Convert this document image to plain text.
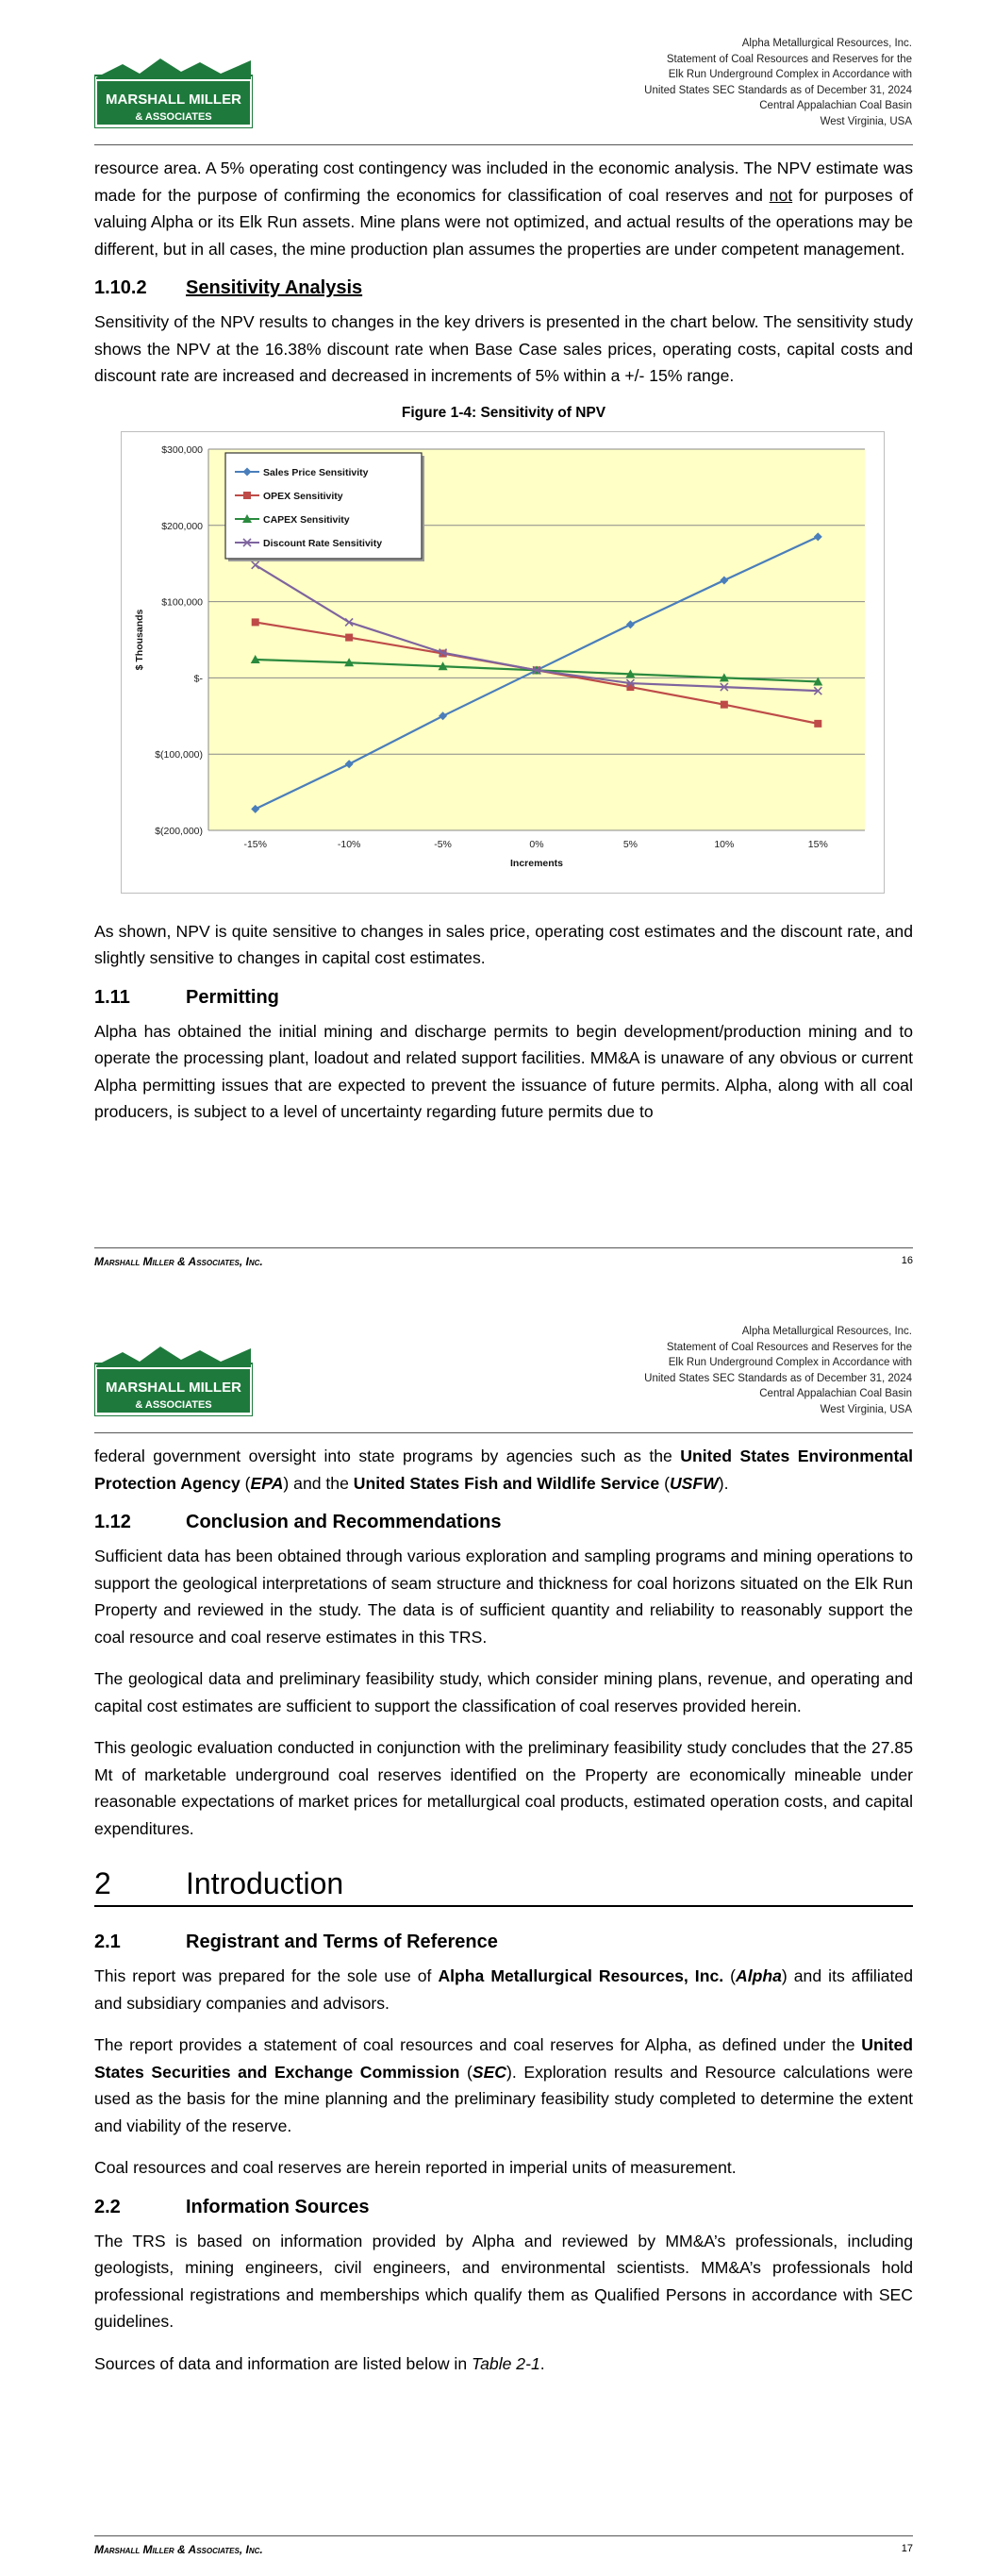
MARSHALL MILLER
& ASSOCIATES
Alpha Metallurgical Resources, Inc.
Statement of Coal Resources and Reserves for the
Elk Run Underground Complex in Accordance with
United States SEC Standards as of December 31, 2024
Central Appalachian Coal Basin
West Virginia, USA

resource area. A 5% operating cost contingency was included in the economic analysis. The NPV estimate was made for the purpose of confirming the economics for classification of coal reserves and not for purposes of valuing Alpha or its Elk Run assets. Mine plans were not optimized, and actual results of the operations may be different, but in all cases, the mine production plan assumes the properties are under competent management.

1.10.2	Sensitivity Analysis

Sensitivity of the NPV results to changes in the key drivers is presented in the chart below. The sensitivity study shows the NPV at the 16.38% discount rate when Base Case sales prices, operating costs, capital costs and discount rate are increased and decreased in increments of 5% within a +/- 15% range.

Figure 1-4: Sensitivity of NPV
$300,000
$200,000
$100,000
$-
$(100,000)
$(200,000)
-15%	-10%	-5%	0%	5%	10%	15%
Increments
$ Thousands
Sales Price Sensitivity
OPEX Sensitivity
CAPEX Sensitivity
Discount Rate Sensitivity

As shown, NPV is quite sensitive to changes in sales price, operating cost estimates and the discount rate, and slightly sensitive to changes in capital cost estimates.

1.11	Permitting

Alpha has obtained the initial mining and discharge permits to begin development/production mining and to operate the processing plant, loadout and related support facilities. MM&A is unaware of any obvious or current Alpha permitting issues that are expected to prevent the issuance of future permits. Alpha, along with all coal producers, is subject to a level of uncertainty regarding future permits due to

Marshall Miller & Associates, Inc.	16
MARSHALL MILLER
& ASSOCIATES
Alpha Metallurgical Resources, Inc.
Statement of Coal Resources and Reserves for the
Elk Run Underground Complex in Accordance with
United States SEC Standards as of December 31, 2024
Central Appalachian Coal Basin
West Virginia, USA

federal government oversight into state programs by agencies such as the United States Environmental Protection Agency (EPA) and the United States Fish and Wildlife Service (USFW).

1.12	Conclusion and Recommendations

Sufficient data has been obtained through various exploration and sampling programs and mining operations to support the geological interpretations of seam structure and thickness for coal horizons situated on the Elk Run Property and reviewed in the study. The data is of sufficient quantity and reliability to reasonably support the coal resource and coal reserve estimates in this TRS.

The geological data and preliminary feasibility study, which consider mining plans, revenue, and operating and capital cost estimates are sufficient to support the classification of coal reserves provided herein.

This geologic evaluation conducted in conjunction with the preliminary feasibility study concludes that the 27.85 Mt of marketable underground coal reserves identified on the Property are economically mineable under reasonable expectations of market prices for metallurgical coal products, estimated operation costs, and capital expenditures.

2	Introduction
2.1	Registrant and Terms of Reference

This report was prepared for the sole use of Alpha Metallurgical Resources, Inc. (Alpha) and its affiliated and subsidiary companies and advisors.

The report provides a statement of coal resources and coal reserves for Alpha, as defined under the United States Securities and Exchange Commission (SEC). Exploration results and Resource calculations were used as the basis for the mine planning and the preliminary feasibility study completed to determine the extent and viability of the reserve.

Coal resources and coal reserves are herein reported in imperial units of measurement.

2.2	Information Sources

The TRS is based on information provided by Alpha and reviewed by MM&A’s professionals, including geologists, mining engineers, civil engineers, and environmental scientists. MM&A’s professionals hold professional registrations and memberships which qualify them as Qualified Persons in accordance with SEC guidelines.

Sources of data and information are listed below in Table 2-1.

Marshall Miller & Associates, Inc.	17
